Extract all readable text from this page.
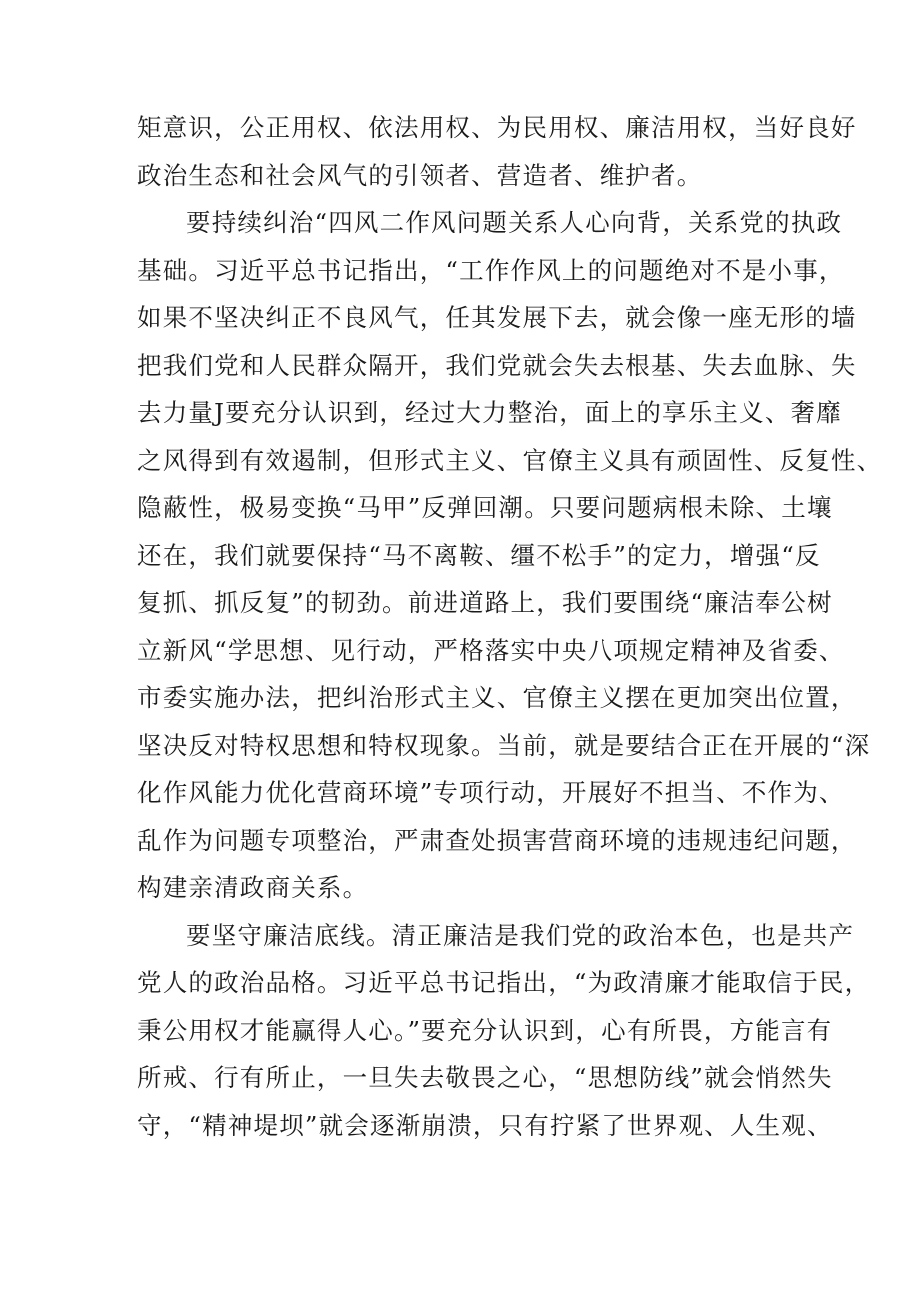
矩意识，公正用权、依法用权、为民用权、廉洁用权，当好良好
政治生态和社会风气的引领者、营造者、维护者。
要持续纠治“四风二作风问题关系人心向背，关系党的执政
基础。习近平总书记指出，“工作作风上的问题绝对不是小事，
如果不坚决纠正不良风气，任其发展下去，就会像一座无形的墙
把我们党和人民群众隔开，我们党就会失去根基、失去血脉、失
去力量J要充分认识到，经过大力整治，面上的享乐主义、奢靡
之风得到有效遏制，但形式主义、官僚主义具有顽固性、反复性、
隐蔽性，极易变换“马甲”反弹回潮。只要问题病根未除、土壤
还在，我们就要保持“马不离鞍、缰不松手”的定力，增强“反
复抓、抓反复”的韧劲。前进道路上，我们要围绕“廉洁奉公树
立新风“学思想、见行动，严格落实中央八项规定精神及省委、
市委实施办法，把纠治形式主义、官僚主义摆在更加突出位置，
坚决反对特权思想和特权现象。当前，就是要结合正在开展的“深
化作风能力优化营商环境”专项行动，开展好不担当、不作为、
乱作为问题专项整治，严肃查处损害营商环境的违规违纪问题，
构建亲清政商关系。
要坚守廉洁底线。清正廉洁是我们党的政治本色，也是共产
党人的政治品格。习近平总书记指出，“为政清廉才能取信于民，
秉公用权才能赢得人心。”要充分认识到，心有所畏，方能言有
所戒、行有所止，一旦失去敬畏之心，“思想防线”就会悄然失
守，“精神堤坝”就会逐渐崩溃，只有拧紧了世界观、人生观、
